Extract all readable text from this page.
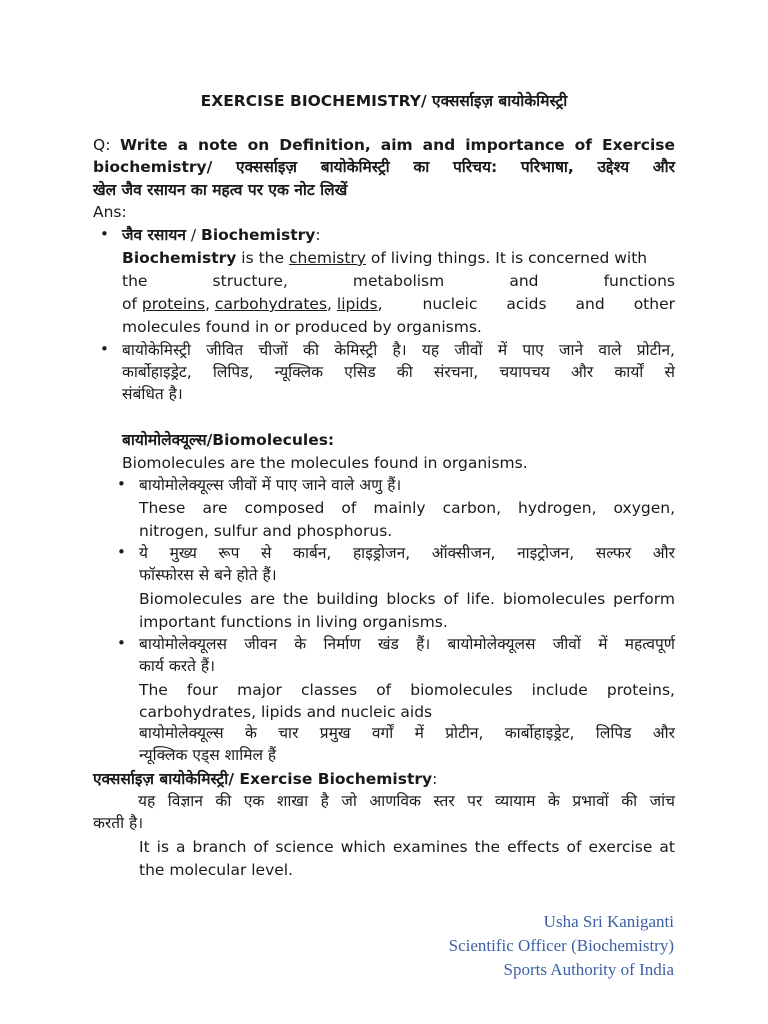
EXERCISE BIOCHEMISTRY/ एक्सर्साइज़ बायोकेमिस्ट्री
Q: Write a note on Definition, aim and importance of Exercise
biochemistry/ एक्सर्साइज़ बायोकेमिस्ट्री का परिचय: परिभाषा, उद्देश्य और
खेल जैव रसायन का महत्व पर एक नोट लिखें
Ans:
• जैव रसायन / Biochemistry:
Biochemistry is the chemistry of living things. It is concerned with
the structure, metabolism and functions
of proteins, carbohydrates, lipids,	nucleic acids and other
molecules found in or produced by organisms.
• बायोकेमिस्ट्री जीवित चीजों की केमिस्ट्री है। यह जीवों में पाए जाने वाले प्रोटीन,
कार्बोहाइड्रेट, लिपिड, न्यूक्लिक एसिड की संरचना, चयापचय और कार्यों से
संबंधित है।
बायोमोलेक्यूल्स/Biomolecules:
Biomolecules are the molecules found in organisms.
• बायोमोलेक्यूल्स जीवों में पाए जाने वाले अणु हैं।
These are composed of mainly carbon, hydrogen, oxygen,
nitrogen, sulfur and phosphorus.
• ये मुख्य रूप से कार्बन, हाइड्रोजन, ऑक्सीजन, नाइट्रोजन, सल्फर और
फॉस्फोरस से बने होते हैं।
Biomolecules are the building blocks of life. biomolecules perform
important functions in living organisms.
• बायोमोलेक्यूलस जीवन के निर्माण खंड हैं। बायोमोलेक्यूलस जीवों में महत्वपूर्ण
कार्य करते हैं।
The four major classes of biomolecules include proteins,
carbohydrates, lipids and nucleic aids
बायोमोलेक्यूल्स के चार प्रमुख वर्गों में प्रोटीन, कार्बोहाइड्रेट, लिपिड और
न्यूक्लिक एड्स शामिल हैं
एक्सर्साइज़ बायोकेमिस्ट्री/ Exercise Biochemistry:
यह विज्ञान की एक शाखा है जो आणविक स्तर पर व्यायाम के प्रभावों की जांच
करती है।
It is a branch of science which examines the effects of exercise at
the molecular level.
Usha Sri Kaniganti
Scientific Officer (Biochemistry)
Sports Authority of India
